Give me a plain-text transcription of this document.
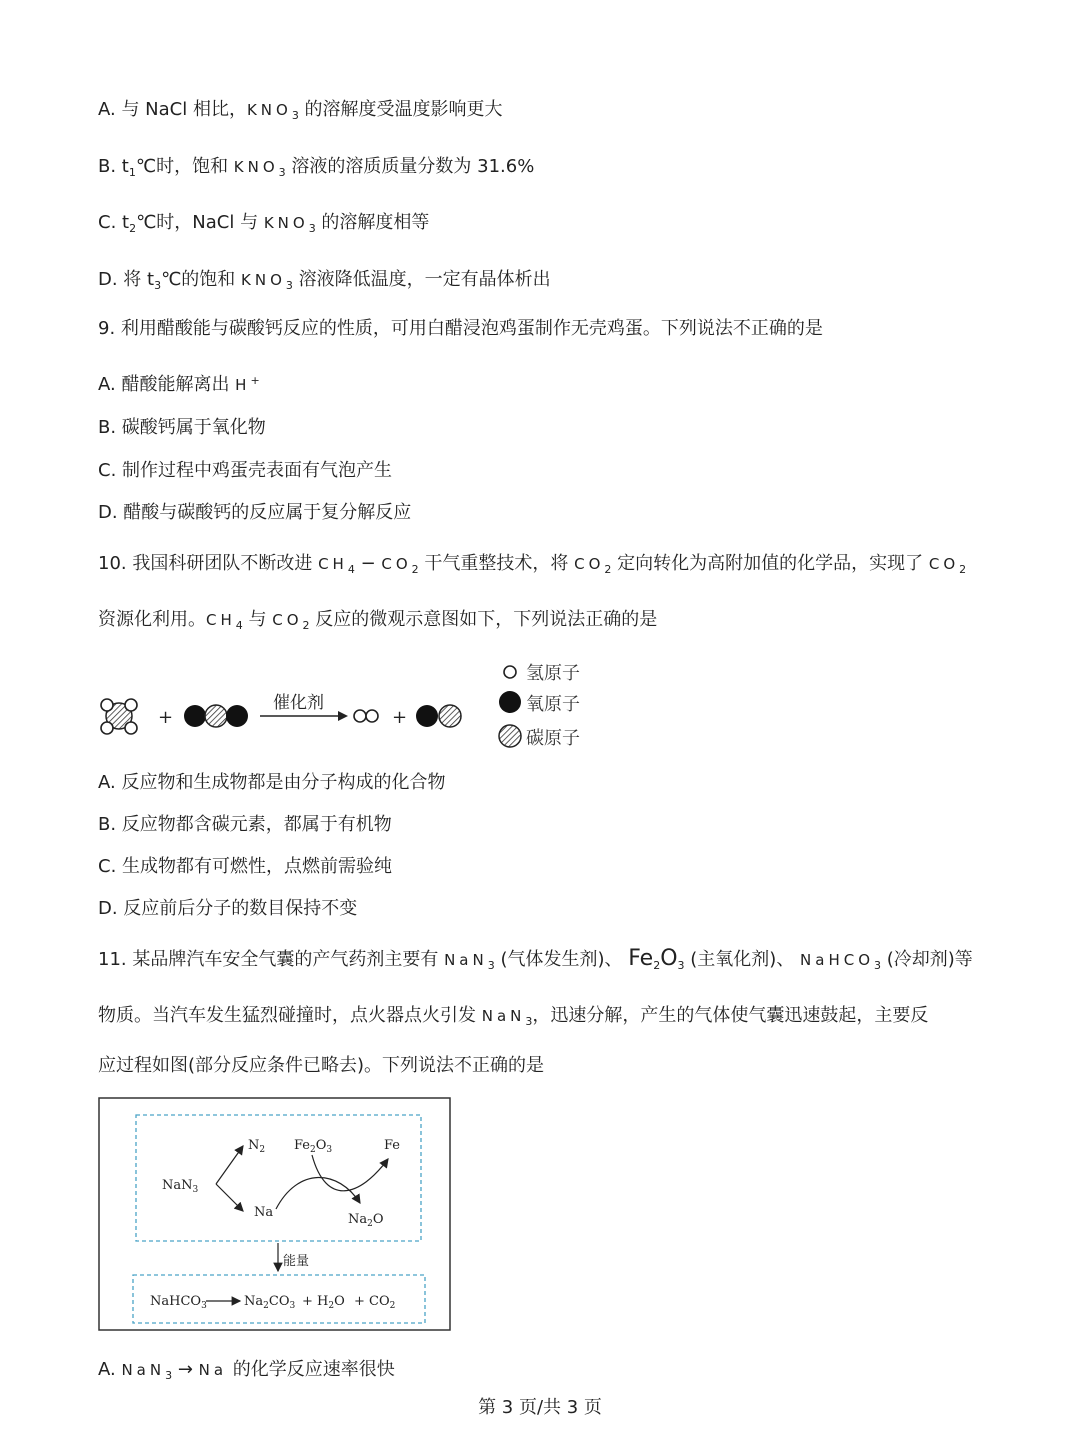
A. 与 NaCl 相比，$KNO_3$ 的溶解度受温度影响更大
B. $t_1℃$时，饱和 $KNO_3$ 溶液的溶质质量分数为 31.6%
C. $t_2℃$时，NaCl 与 $KNO_3$ 的溶解度相等
D. 将 $t_3℃$的饱和 $KNO_3$ 溶液降低温度，一定有晶体析出
9. 利用醋酸能与碳酸钙反应的性质，可用白醋浸泡鸡蛋制作无壳鸡蛋。下列说法不正确的是
A. 醋酸能解离出 H+
B. 碳酸钙属于氧化物
C. 制作过程中鸡蛋壳表面有气泡产生
D. 醋酸与碳酸钙的反应属于复分解反应
10. 我国科研团队不断改进 $CH_4 - CO_2$ 干气重整技术，将 $CO_2$ 定向转化为高附加值的化学品，实现了 $CO_2$
资源化利用。$CH_4$ 与 $CO_2$ 反应的微观示意图如下，下列说法正确的是
+
催化剂
+
氢原子
氧原子
碳原子
A. 反应物和生成物都是由分子构成的化合物
B. 反应物都含碳元素，都属于有机物
C. 生成物都有可燃性，点燃前需验纯
D. 反应前后分子的数目保持不变
11. 某品牌汽车安全气囊的产气药剂主要有 NaN$_3$ (气体发生剂)、 $Fe_2O_3$ (主氧化剂)、 NaHCO$_3$ (冷却剂)等
物质。当汽车发生猛烈碰撞时，点火器点火引发 NaN$_3$，迅速分解，产生的气体使气囊迅速鼓起，主要反
应过程如图(部分反应条件已略去)。下列说法不正确的是
NaN$_3$
$N_2$
Na
$Fe_2O_3$	Fe
$Na_2O$
能量
NaHCO$_3$	$Na_2CO_3 + H_2O + CO_2$
A. NaN$_3$ → Na 的化学反应速率很快
第 3 页/共 3 页
